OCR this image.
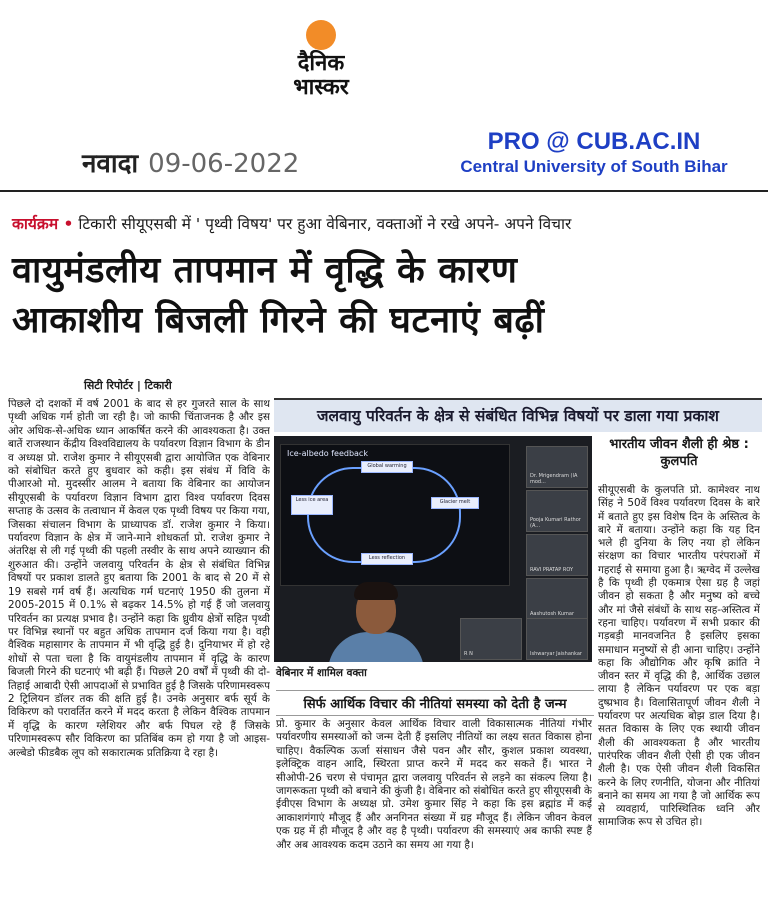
दैनिक
भास्कर
PRO @ CUB.AC.IN
Central University of South Bihar
नवादा 09-06-2022
कार्यक्रम • टिकारी सीयूएसबी में ' पृथ्वी विषय' पर हुआ वेबिनार, वक्ताओं ने रखे अपने- अपने विचार
वायुमंडलीय तापमान में वृद्धि के कारण
आकाशीय बिजली गिरने की घटनाएं बढ़ीं
सिटी रिपोर्टर | टिकारी
पिछले दो दशकों में वर्ष 2001 के बाद से हर गुजरते साल के साथ पृथ्वी अधिक गर्म होती जा रही है। जो काफी चिंताजनक है और इस ओर अधिक-से-अधिक ध्यान आकर्षित करने की आवश्यकता है। उक्त बातें राजस्थान केंद्रीय विश्वविद्यालय के पर्यावरण विज्ञान विभाग के डीन व अध्यक्ष प्रो. राजेश कुमार ने सीयूएसबी द्वारा आयोजित एक वेबिनार को संबोधित करते हुए बुधवार को कही। इस संबंध में विवि के पीआरओ मो. मुदस्सीर आलम ने बताया कि वेबिनार का आयोजन सीयूएसबी के पर्यावरण विज्ञान विभाग द्वारा विश्व पर्यावरण दिवस सप्ताह के उत्सव के तत्वाधान में केवल एक पृथ्वी विषय पर किया गया, जिसका संचालन विभाग के प्राध्यापक डॉ. राजेश कुमार ने किया। पर्यावरण विज्ञान के क्षेत्र में जाने-माने शोधकर्ता प्रो. राजेश कुमार ने अंतरिक्ष से ली गई पृथ्वी की पहली तस्वीर के साथ अपने व्याख्यान की शुरुआत की। उन्होंने जलवायु परिवर्तन के क्षेत्र से संबंधित विभिन्न विषयों पर प्रकाश डालते हुए बताया कि 2001 के बाद से 20 में से 19 सबसे गर्म वर्ष हैं। अत्यधिक गर्म घटनाएं 1950 की तुलना में 2005-2015 में 0.1% से बढ़कर 14.5% हो गई हैं जो जलवायु परिवर्तन का प्रत्यक्ष प्रभाव है। उन्होंने कहा कि ध्रुवीय क्षेत्रों सहित पृथ्वी पर विभिन्न स्थानों पर बहुत अधिक तापमान दर्ज किया गया है। वही वैश्विक महासागर के तापमान में भी वृद्धि हुई है। दुनियाभर में हो रहे शोधों से पता चला है कि वायुमंडलीय तापमान में वृद्धि के कारण बिजली गिरने की घटनाएं भी बढ़ी हैं। पिछले 20 वर्षों में पृथ्वी की दो-तिहाई आबादी ऐसी आपदाओं से प्रभावित हुई है जिसके परिणामस्वरूप 2 ट्रिलियन डॉलर तक की क्षति हुई है। उनके अनुसार बर्फ सूर्य के विकिरण को परावर्तित करने में मदद करता है लेकिन वैश्विक तापमान में वृद्धि के कारण ग्लेशियर और बर्फ पिघल रहे हैं जिसके परिणामस्वरूप सौर विकिरण का प्रतिबिंब कम हो गया है जो आइस-अल्बेडो फीडबैक लूप को सकारात्मक प्रतिक्रिया दे रहा है।
जलवायु परिवर्तन के क्षेत्र से संबंधित विभिन्न विषयों पर डाला गया प्रकाश
Ice-albedo feedback
Global warming
Glacier melt
Less ice area
Less reflection
Dr. Mrigendram (IA mod...
Pooja Kumari Rathor (A...
RAVI PRATAP ROY
Aashutosh Kumar
Ishwaryar Jaishankar
R N
वेबिनार में शामिल वक्ता
सिर्फ आर्थिक विचार की नीतियां समस्या को देती है जन्म
प्रो. कुमार के अनुसार केवल आर्थिक विचार वाली विकासात्मक नीतियां गंभीर पर्यावरणीय समस्याओं को जन्म देती हैं इसलिए नीतियों का लक्ष्य सतत विकास होना चाहिए। वैकल्पिक ऊर्जा संसाधन जैसे पवन और सौर, कुशल प्रकाश व्यवस्था, इलेक्ट्रिक वाहन आदि, स्थिरता प्राप्त करने में मदद कर सकते हैं। भारत ने सीओपी-26 चरण से पंचामृत द्वारा जलवायु परिवर्तन से लड़ने का संकल्प लिया है। जागरूकता पृथ्वी को बचाने की कुंजी है। वेबिनार को संबोधित करते हुए सीयूएसबी के ईवीएस विभाग के अध्यक्ष प्रो. उमेश कुमार सिंह ने कहा कि इस ब्रह्मांड में कई आकाशगंगाएं मौजूद हैं और अनगिनत संख्या में ग्रह मौजूद हैं। लेकिन जीवन केवल एक ग्रह में ही मौजूद है और वह है पृथ्वी। पर्यावरण की समस्याएं अब काफी स्पष्ट हैं और अब आवश्यक कदम उठाने का समय आ गया है।
भारतीय जीवन शैली ही श्रेष्ठ : कुलपति
सीयूएसबी के कुलपति प्रो. कामेश्वर नाथ सिंह ने 50वें विश्व पर्यावरण दिवस के बारे में बताते हुए इस विशेष दिन के अस्तित्व के बारे में बताया। उन्होंने कहा कि यह दिन भले ही दुनिया के लिए नया हो लेकिन संरक्षण का विचार भारतीय परंपराओं में गहराई से समाया हुआ है। ऋग्वेद में उल्लेख है कि पृथ्वी ही एकमात्र ऐसा ग्रह है जहां जीवन हो सकता है और मनुष्य को बच्चे और मां जैसे संबंधों के साथ सह-अस्तित्व में रहना चाहिए। पर्यावरण में सभी प्रकार की गड़बड़ी मानवजनित है इसलिए इसका समाधान मनुष्यों से ही आना चाहिए। उन्होंने कहा कि औद्योगिक और कृषि क्रांति ने जीवन स्तर में वृद्धि की है, आर्थिक उछाल लाया है लेकिन पर्यावरण पर एक बड़ा दुष्प्रभाव है। विलासितापूर्ण जीवन शैली ने पर्यावरण पर अत्यधिक बोझ डाल दिया है। सतत विकास के लिए एक स्थायी जीवन शैली की आवश्यकता है और भारतीय पारंपरिक जीवन शैली ऐसी ही एक जीवन शैली है। एक ऐसी जीवन शैली विकसित करने के लिए रणनीति, योजना और नीतियां बनाने का समय आ गया है जो आर्थिक रूप से व्यवहार्य, पारिस्थितिक ध्वनि और सामाजिक रूप से उचित हो।
